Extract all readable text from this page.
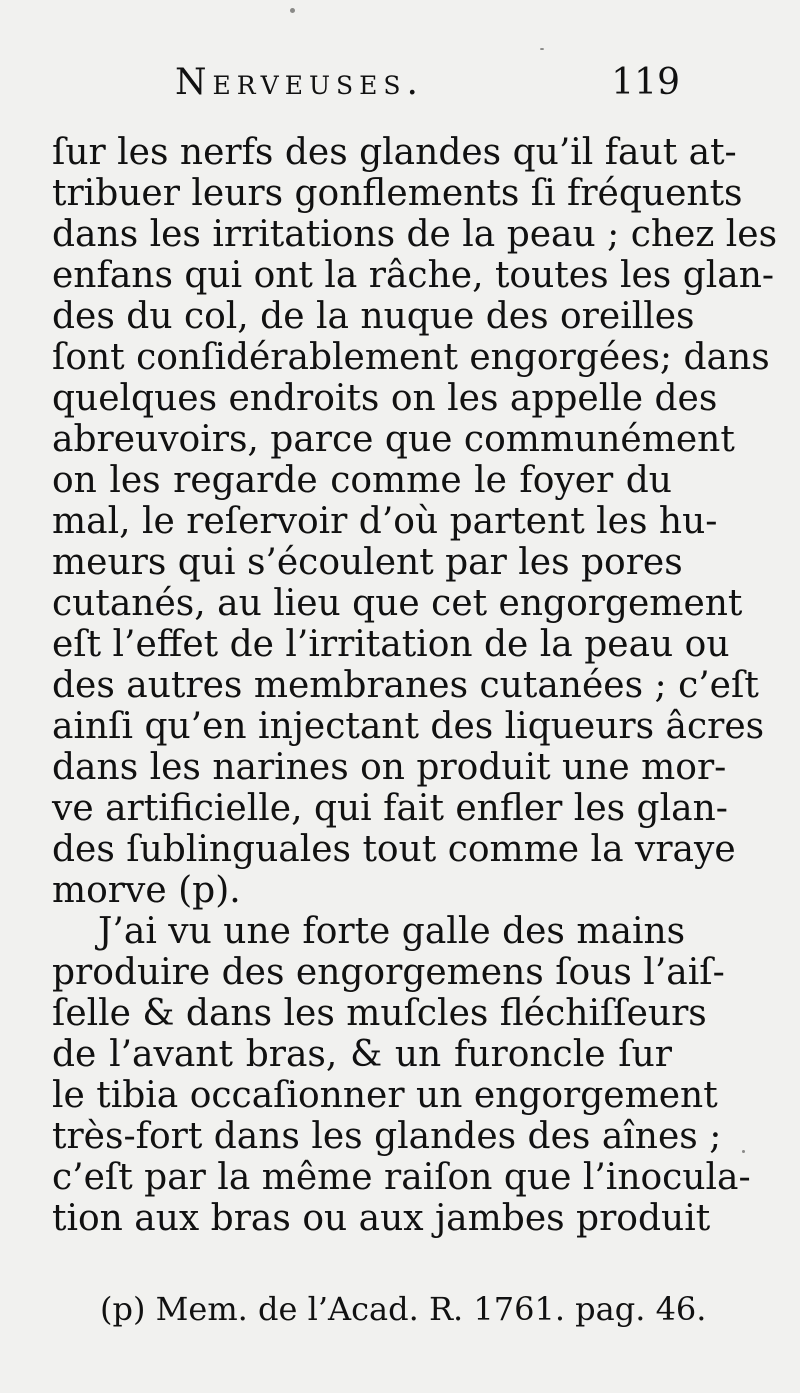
Nerveuses.	119
ſur les nerfs des glandes qu’il faut at-
tribuer leurs gonflements ſi fréquents
dans les irritations de la peau ; chez les
enfans qui ont la râche, toutes les glan-
des du col, de la nuque des oreilles
ſont conſidérablement engorgées; dans
quelques endroits on les appelle des
abreuvoirs, parce que communément
on les regarde comme le foyer du
mal, le reſervoir d’où partent les hu-
meurs qui s’écoulent par les pores
cutanés, au lieu que cet engorgement
eſt l’effet de l’irritation de la peau ou
des autres membranes cutanées ; c’eſt
ainſi qu’en injectant des liqueurs âcres
dans les narines on produit une mor-
ve artificielle, qui fait enfler les glan-
des ſublinguales tout comme la vraye
morve (p).
J’ai vu une forte galle des mains
produire des engorgemens ſous l’aiſ-
ſelle & dans les muſcles fléchiſſeurs
de l’avant bras, & un furoncle ſur
le tibia occaſionner un engorgement
très-fort dans les glandes des aînes ;
c’eſt par la même raiſon que l’inocula-
tion aux bras ou aux jambes produit
(p) Mem. de l’Acad. R. 1761. pag. 46.
